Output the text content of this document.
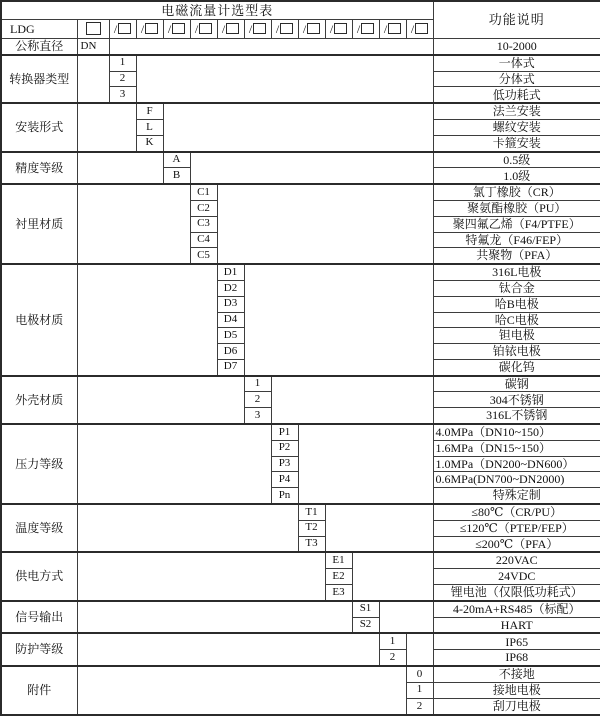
电磁流量计选型表														功能说明
LDG		/	/	/	/	/	/	/	/	/	/	/	/	
公称直径	DN													10-2000
转换器类型		1												一体式
		2												分体式
		3												低功耗式
安装形式			F											法兰安装
			L											螺纹安装
			K											卡箍安装
精度等级				A										0.5级
				B										1.0级
衬里材质					C1									氯丁橡胶（CR）
					C2									聚氨酯橡胶（PU）
					C3									聚四氟乙烯（F4/PTFE）
					C4									特氟龙（F46/FEP）
					C5									共聚物（PFA）
电极材质						D1								316L电极
						D2								钛合金
						D3								哈B电极
						D4								哈C电极
						D5								钽电极
						D6								铂铱电极
						D7								碳化钨
外壳材质							1							碳钢
							2							304不锈钢
							3							316L不锈钢
压力等级								P1						4.0MPa（DN10~150）
								P2						1.6MPa（DN15~150）
								P3						1.0MPa（DN200~DN600）
								P4						0.6MPa(DN700~DN2000)
								Pn						特殊定制
温度等级									T1					≤80℃（CR/PU）
									T2					≤120℃（PTEP/FEP）
									T3					≤200℃（PFA）
供电方式										E1				220VAC
										E2				24VDC
										E3				锂电池（仅限低功耗式）
信号输出											S1			4-20mA+RS485（标配）
											S2			HART
防护等级												1		IP65
												2		IP68
附件													0	不接地
													1	接地电极
													2	刮刀电极
